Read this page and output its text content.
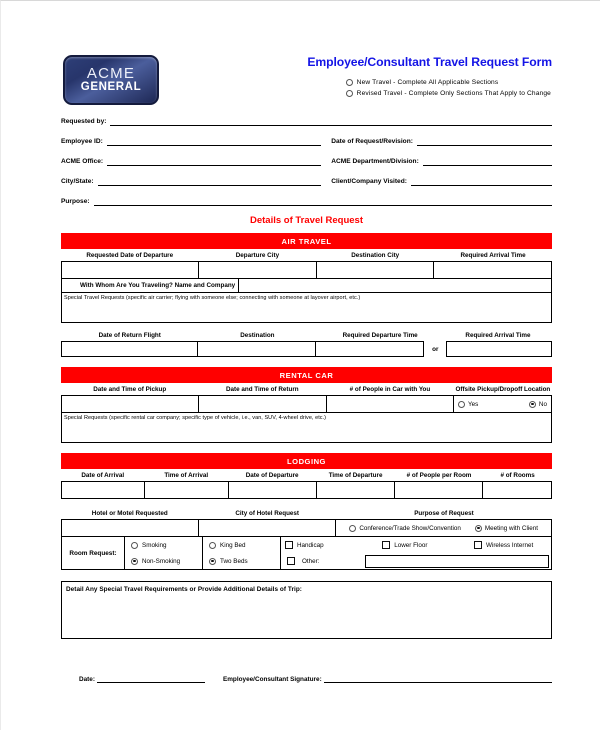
ACME
GENERAL
Employee/Consultant Travel Request Form
New Travel - Complete All Applicable Sections
Revised Travel - Complete Only Sections That Apply to Change
Requested by:
Employee ID:	Date of Request/Revision:
ACME Office:	ACME Department/Division:
City/State:	Client/Company Visited:
Purpose:
Details of Travel Request
AIR TRAVEL
Requested Date of Departure	Departure City	Destination City	Required Arrival Time
With Whom Are You Traveling? Name and Company
Special Travel Requests (specific air carrier; flying with someone else; connecting with someone at layover airport, etc.)
Date of Return Flight	Destination	Required Departure Time	Required Arrival Time
or
RENTAL CAR
Date and Time of Pickup	Date and Time of Return	# of People in Car with You	Offsite Pickup/Dropoff Location
Yes	No
Special Requests (specific rental car company; specific type of vehicle, i.e., van, SUV, 4-wheel drive, etc.)
LODGING
Date of Arrival	Time of Arrival	Date of Departure	Time of Departure	# of People per Room	# of Rooms
Hotel or Motel Requested	City of Hotel Request	Purpose of Request
Conference/Trade Show/Convention	Meeting with Client
Room Request:
Smoking
Non-Smoking
King Bed
Two Beds
Handicap	Lower Floor	Wireless Internet
Other:
Detail Any Special Travel Requirements or Provide Additional Details of Trip:
Date:	Employee/Consultant Signature:
